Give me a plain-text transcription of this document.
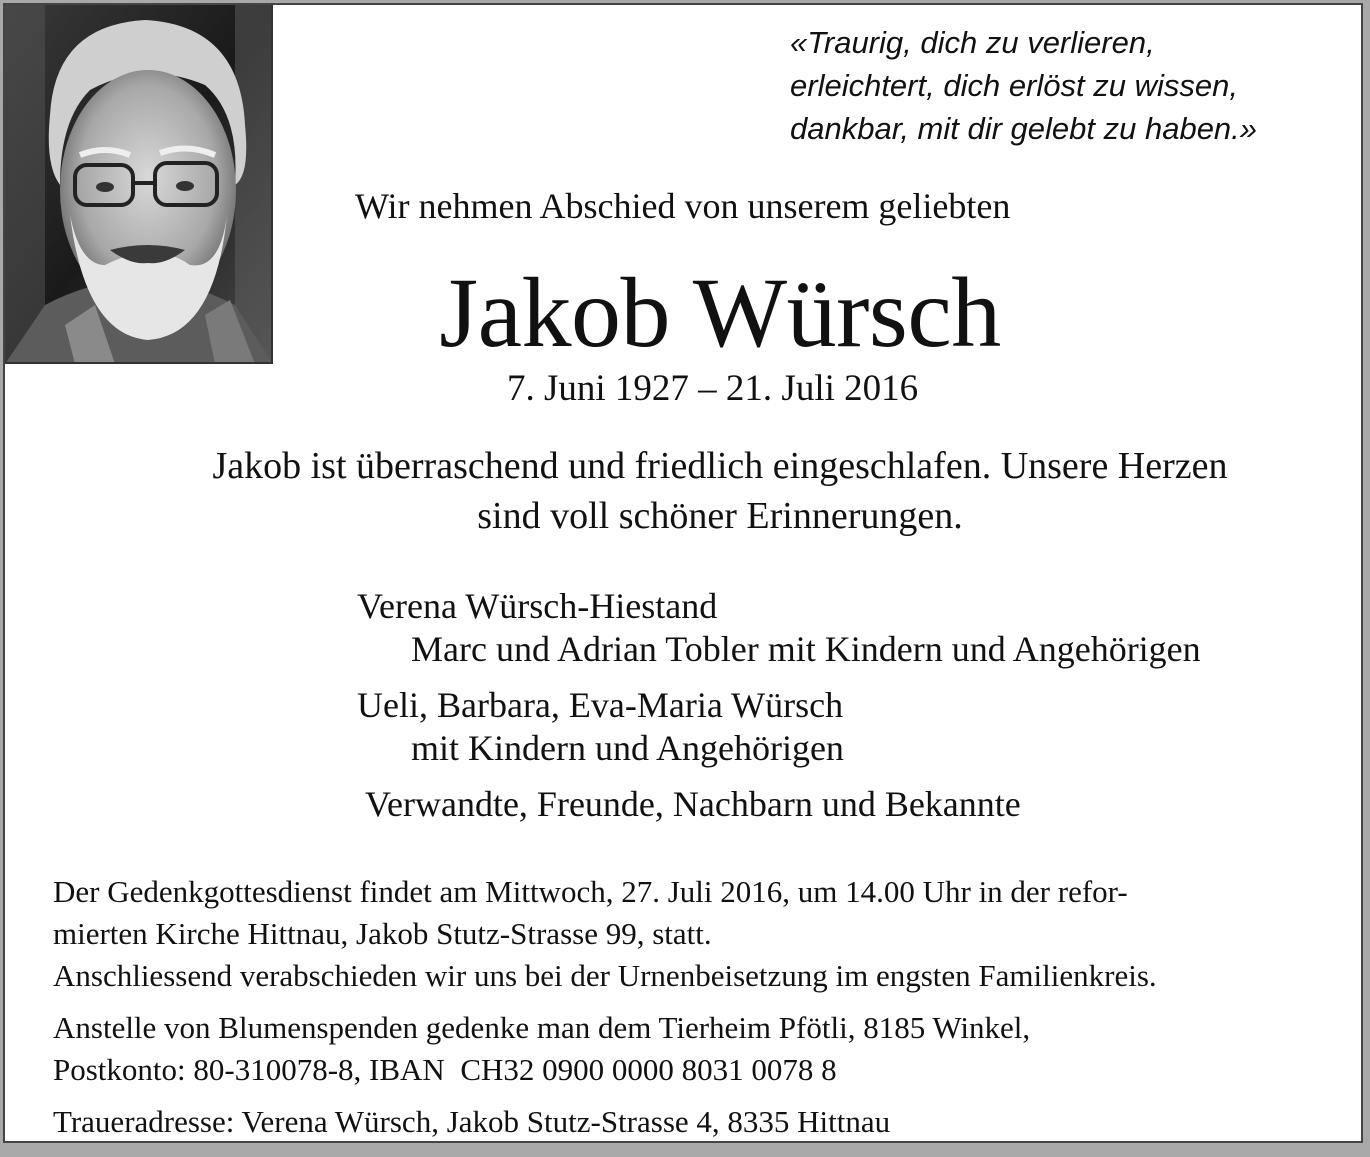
«Traurig, dich zu verlieren,
erleichtert, dich erlöst zu wissen,
dankbar, mit dir gelebt zu haben.»
Wir nehmen Abschied von unserem geliebten
Jakob Würsch
7. Juni 1927 – 21. Juli 2016
Jakob ist überraschend und friedlich eingeschlafen. Unsere Herzen
sind voll schöner Erinnerungen.
Verena Würsch-Hiestand
Marc und Adrian Tobler mit Kindern und Angehörigen
Ueli, Barbara, Eva-Maria Würsch
mit Kindern und Angehörigen
Verwandte, Freunde, Nachbarn und Bekannte
Der Gedenkgottesdienst findet am Mittwoch, 27. Juli 2016, um 14.00 Uhr in der refor-
mierten Kirche Hittnau, Jakob Stutz-Strasse 99, statt.
Anschliessend verabschieden wir uns bei der Urnenbeisetzung im engsten Familienkreis.
Anstelle von Blumenspenden gedenke man dem Tierheim Pfötli, 8185 Winkel,
Postkonto: 80-310078-8, IBAN  CH32 0900 0000 8031 0078 8
Traueradresse: Verena Würsch, Jakob Stutz-Strasse 4, 8335 Hittnau
